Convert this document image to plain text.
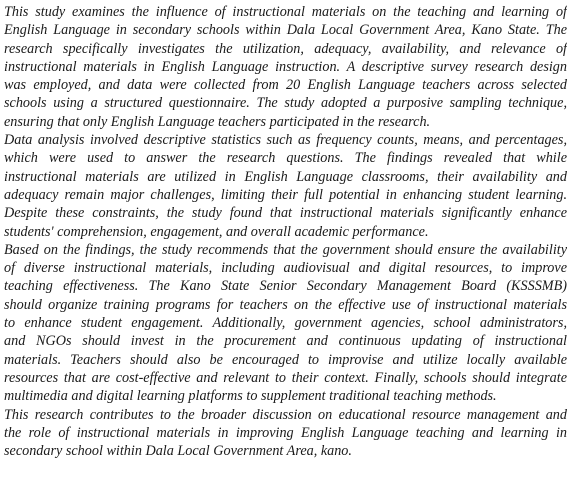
This study examines the influence of instructional materials on the teaching and learning of
English Language in secondary schools within Dala Local Government Area, Kano State. The
research specifically investigates the utilization, adequacy, availability, and relevance of
instructional materials in English Language instruction. A descriptive survey research design
was employed, and data were collected from 20 English Language teachers across selected
schools using a structured questionnaire. The study adopted a purposive sampling technique,
ensuring that only English Language teachers participated in the research.
Data analysis involved descriptive statistics such as frequency counts, means, and percentages,
which were used to answer the research questions. The findings revealed that while
instructional materials are utilized in English Language classrooms, their availability and
adequacy remain major challenges, limiting their full potential in enhancing student learning.
Despite these constraints, the study found that instructional materials significantly enhance
students' comprehension, engagement, and overall academic performance.
Based on the findings, the study recommends that the government should ensure the availability
of diverse instructional materials, including audiovisual and digital resources, to improve
teaching effectiveness. The Kano State Senior Secondary Management Board (KSSSMB)
should organize training programs for teachers on the effective use of instructional materials
to enhance student engagement. Additionally, government agencies, school administrators,
and NGOs should invest in the procurement and continuous updating of instructional
materials. Teachers should also be encouraged to improvise and utilize locally available
resources that are cost-effective and relevant to their context. Finally, schools should integrate
multimedia and digital learning platforms to supplement traditional teaching methods.
This research contributes to the broader discussion on educational resource management and
the role of instructional materials in improving English Language teaching and learning in
secondary school within Dala Local Government Area, kano.
